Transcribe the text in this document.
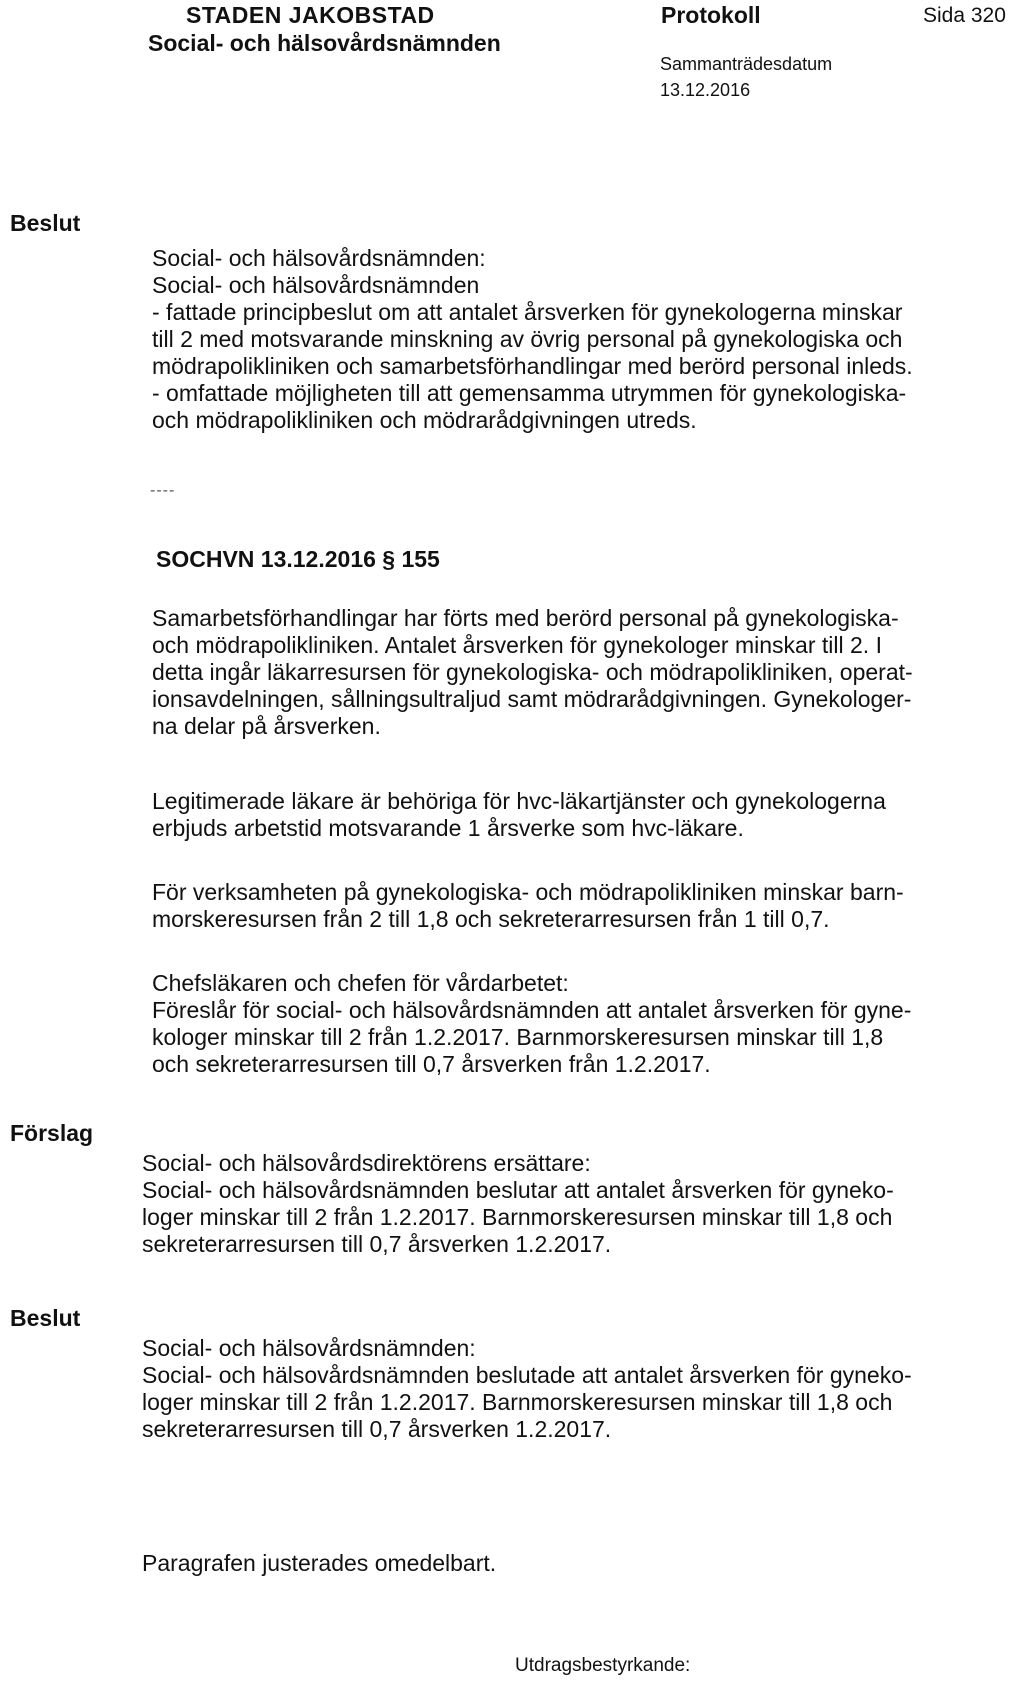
STADEN JAKOBSTAD
Social- och hälsovårdsnämnden
Protokoll	Sida 320
Sammanträdesdatum
13.12.2016
Beslut
Förslag
Beslut
Social- och hälsovårdsnämnden:
Social- och hälsovårdsnämnden
- fattade principbeslut om att antalet årsverken för gynekologerna minskar
till 2 med motsvarande minskning av övrig personal på gynekologiska och
mödrapolikliniken och samarbetsförhandlingar med berörd personal inleds.
- omfattade möjligheten till att gemensamma utrymmen för gynekologiska-
och mödrapolikliniken och mödrarådgivningen utreds.
----
SOCHVN 13.12.2016 § 155
Samarbetsförhandlingar har förts med berörd personal på gynekologiska-
och mödrapolikliniken. Antalet årsverken för gynekologer minskar till 2. I
detta ingår läkarresursen för gynekologiska- och mödrapolikliniken, operat-
ionsavdelningen, sållningsultraljud samt mödrarådgivningen. Gynekologer-
na delar på årsverken.
Legitimerade läkare är behöriga för hvc-läkartjänster och gynekologerna
erbjuds arbetstid motsvarande 1 årsverke som hvc-läkare.
För verksamheten på gynekologiska- och mödrapolikliniken minskar barn-
morskeresursen från 2 till 1,8 och sekreterarresursen från 1 till 0,7.
Chefsläkaren och chefen för vårdarbetet:
Föreslår för social- och hälsovårdsnämnden att antalet årsverken för gyne-
kologer minskar till 2 från 1.2.2017. Barnmorskeresursen minskar till 1,8
och sekreterarresursen till 0,7 årsverken från 1.2.2017.
Social- och hälsovårdsdirektörens ersättare:
Social- och hälsovårdsnämnden beslutar att antalet årsverken för gyneko-
loger minskar till 2 från 1.2.2017. Barnmorskeresursen minskar till 1,8 och
sekreterarresursen till 0,7 årsverken 1.2.2017.
Social- och hälsovårdsnämnden:
Social- och hälsovårdsnämnden beslutade att antalet årsverken för gyneko-
loger minskar till 2 från 1.2.2017. Barnmorskeresursen minskar till 1,8 och
sekreterarresursen till 0,7 årsverken 1.2.2017.
Paragrafen justerades omedelbart.
Utdragsbestyrkande:
